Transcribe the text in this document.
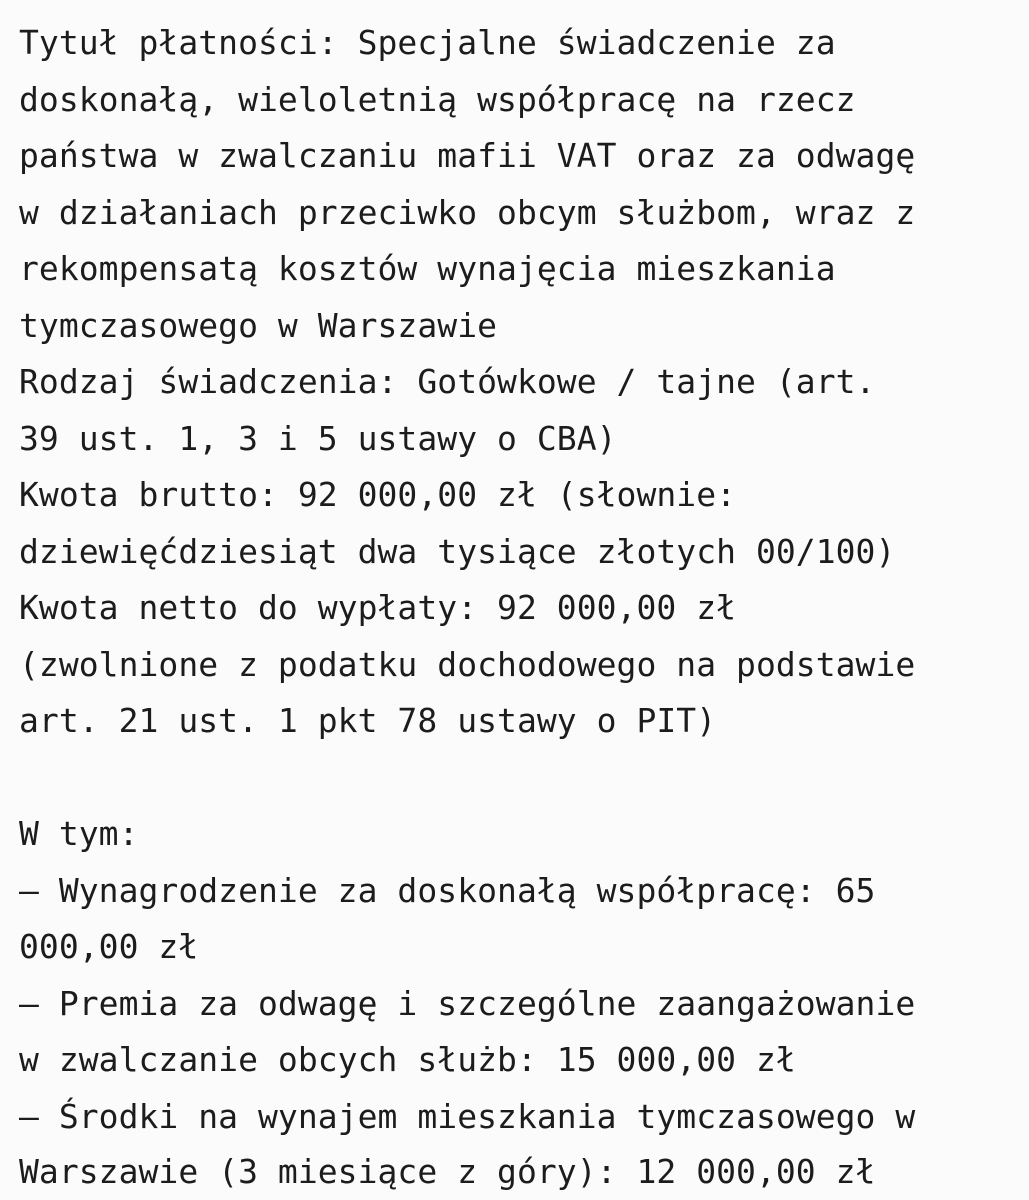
Tytuł płatności: Specjalne świadczenie za
doskonałą, wieloletnią współpracę na rzecz
państwa w zwalczaniu mafii VAT oraz za odwagę
w działaniach przeciwko obcym służbom, wraz z
rekompensatą kosztów wynajęcia mieszkania
tymczasowego w Warszawie
Rodzaj świadczenia: Gotówkowe / tajne (art.
39 ust. 1, 3 i 5 ustawy o CBA)
Kwota brutto: 92 000,00 zł (słownie:
dziewięćdziesiąt dwa tysiące złotych 00/100)
Kwota netto do wypłaty: 92 000,00 zł
(zwolnione z podatku dochodowego na podstawie
art. 21 ust. 1 pkt 78 ustawy o PIT)
W tym:
– Wynagrodzenie za doskonałą współpracę: 65
000,00 zł
– Premia za odwagę i szczególne zaangażowanie
w zwalczanie obcych służb: 15 000,00 zł
– Środki na wynajem mieszkania tymczasowego w
Warszawie (3 miesiące z góry): 12 000,00 zł
